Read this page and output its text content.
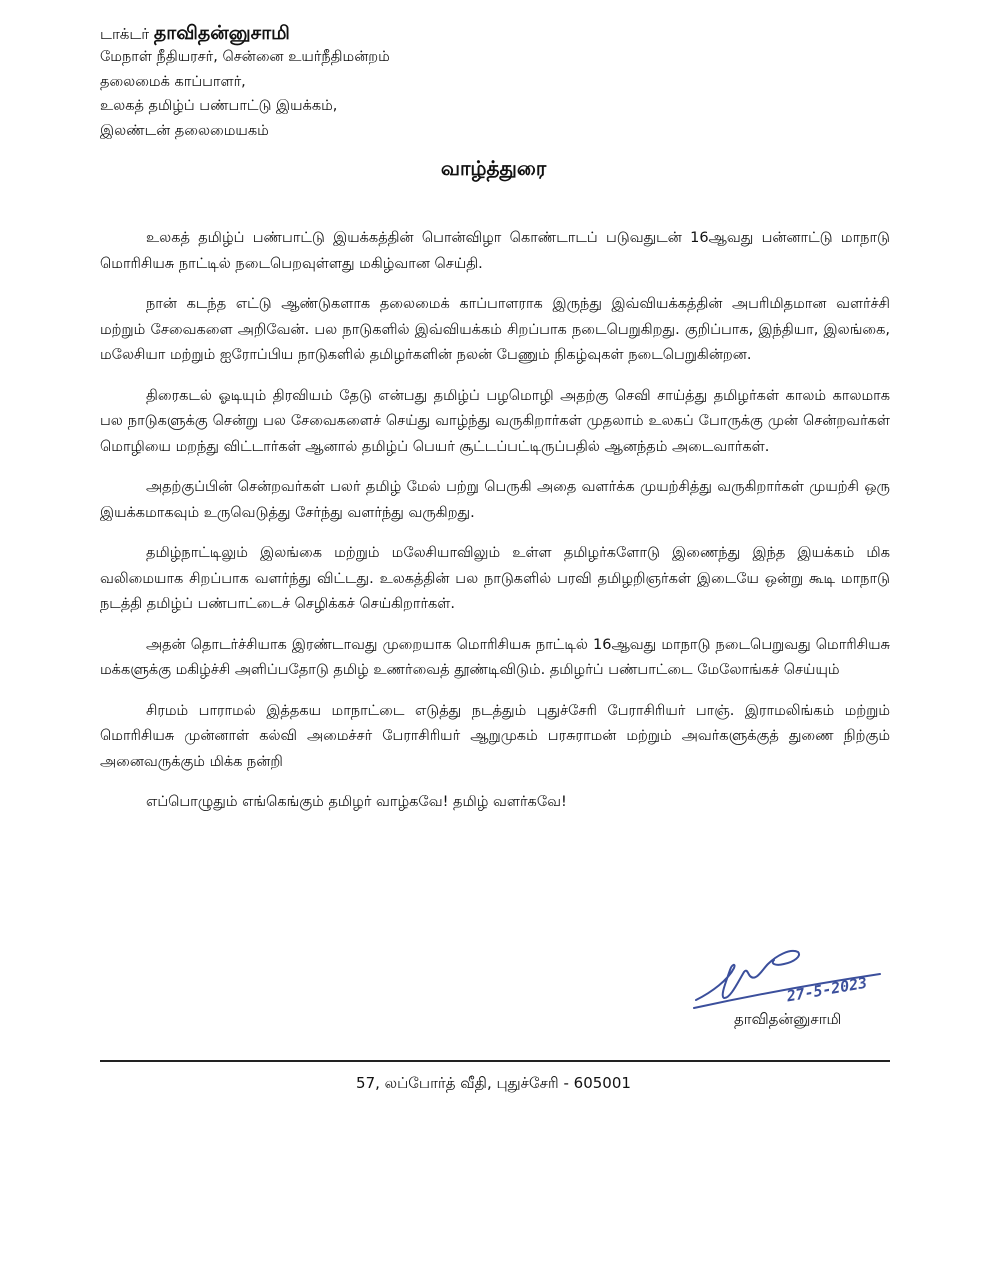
டாக்டர் தாவிதன்னுசாமி
மேநாள் நீதியரசர், சென்னை உயர்நீதிமன்றம்
தலைமைக் காப்பாளர்,
உலகத் தமிழ்ப் பண்பாட்டு இயக்கம்,
இலண்டன் தலைமையகம்
வாழ்த்துரை

உலகத் தமிழ்ப் பண்பாட்டு இயக்கத்தின் பொன்விழா கொண்டாடப் படுவதுடன் 16ஆவது பன்னாட்டு மாநாடு மொரிசியசு நாட்டில் நடைபெறவுள்ளது மகிழ்வான செய்தி.

நான் கடந்த எட்டு ஆண்டுகளாக தலைமைக் காப்பாளராக இருந்து இவ்வியக்கத்தின் அபரிமிதமான வளர்ச்சி மற்றும் சேவைகளை அறிவேன். பல நாடுகளில் இவ்வியக்கம் சிறப்பாக நடைபெறுகிறது. குறிப்பாக, இந்தியா, இலங்கை, மலேசியா மற்றும் ஐரோப்பிய நாடுகளில் தமிழர்களின் நலன் பேணும் நிகழ்வுகள் நடைபெறுகின்றன.

திரைகடல் ஓடியும் திரவியம் தேடு என்பது தமிழ்ப் பழமொழி அதற்கு செவி சாய்த்து தமிழர்கள் காலம் காலமாக பல நாடுகளுக்கு சென்று பல சேவைகளைச் செய்து வாழ்ந்து வருகிறார்கள் முதலாம் உலகப் போருக்கு முன் சென்றவர்கள் மொழியை மறந்து விட்டார்கள் ஆனால் தமிழ்ப் பெயர் சூட்டப்பட்டிருப்பதில் ஆனந்தம் அடைவார்கள்.

அதற்குப்பின் சென்றவர்கள் பலர் தமிழ் மேல் பற்று பெருகி அதை வளர்க்க முயற்சித்து வருகிறார்கள் முயற்சி ஒரு இயக்கமாகவும் உருவெடுத்து சேர்ந்து வளர்ந்து வருகிறது.

தமிழ்நாட்டிலும் இலங்கை மற்றும் மலேசியாவிலும் உள்ள தமிழர்களோடு இணைந்து இந்த இயக்கம் மிக வலிமையாக சிறப்பாக வளர்ந்து விட்டது. உலகத்தின் பல நாடுகளில் பரவி தமிழறிஞர்கள் இடையே ஒன்று கூடி மாநாடு நடத்தி தமிழ்ப் பண்பாட்டைச் செழிக்கச் செய்கிறார்கள்.

அதன் தொடர்ச்சியாக இரண்டாவது முறையாக மொரிசியசு நாட்டில் 16ஆவது மாநாடு நடைபெறுவது மொரிசியசு மக்களுக்கு மகிழ்ச்சி அளிப்பதோடு தமிழ் உணர்வைத் தூண்டிவிடும். தமிழர்ப் பண்பாட்டை மேலோங்கச் செய்யும்

சிரமம் பாராமல் இத்தகய மாநாட்டை எடுத்து நடத்தும் புதுச்சேரி பேராசிரியர் பாஞ். இராமலிங்கம் மற்றும் மொரிசியசு முன்னாள் கல்வி அமைச்சர் பேராசிரியர் ஆறுமுகம் பரசுராமன் மற்றும் அவர்களுக்குத் துணை நிற்கும் அனைவருக்கும் மிக்க நன்றி

எப்பொழுதும் எங்கெங்கும் தமிழர் வாழ்கவே! தமிழ் வளர்கவே!

27-5-2023
தாவிதன்னுசாமி
57, லப்போர்த் வீதி, புதுச்சேரி - 605001
